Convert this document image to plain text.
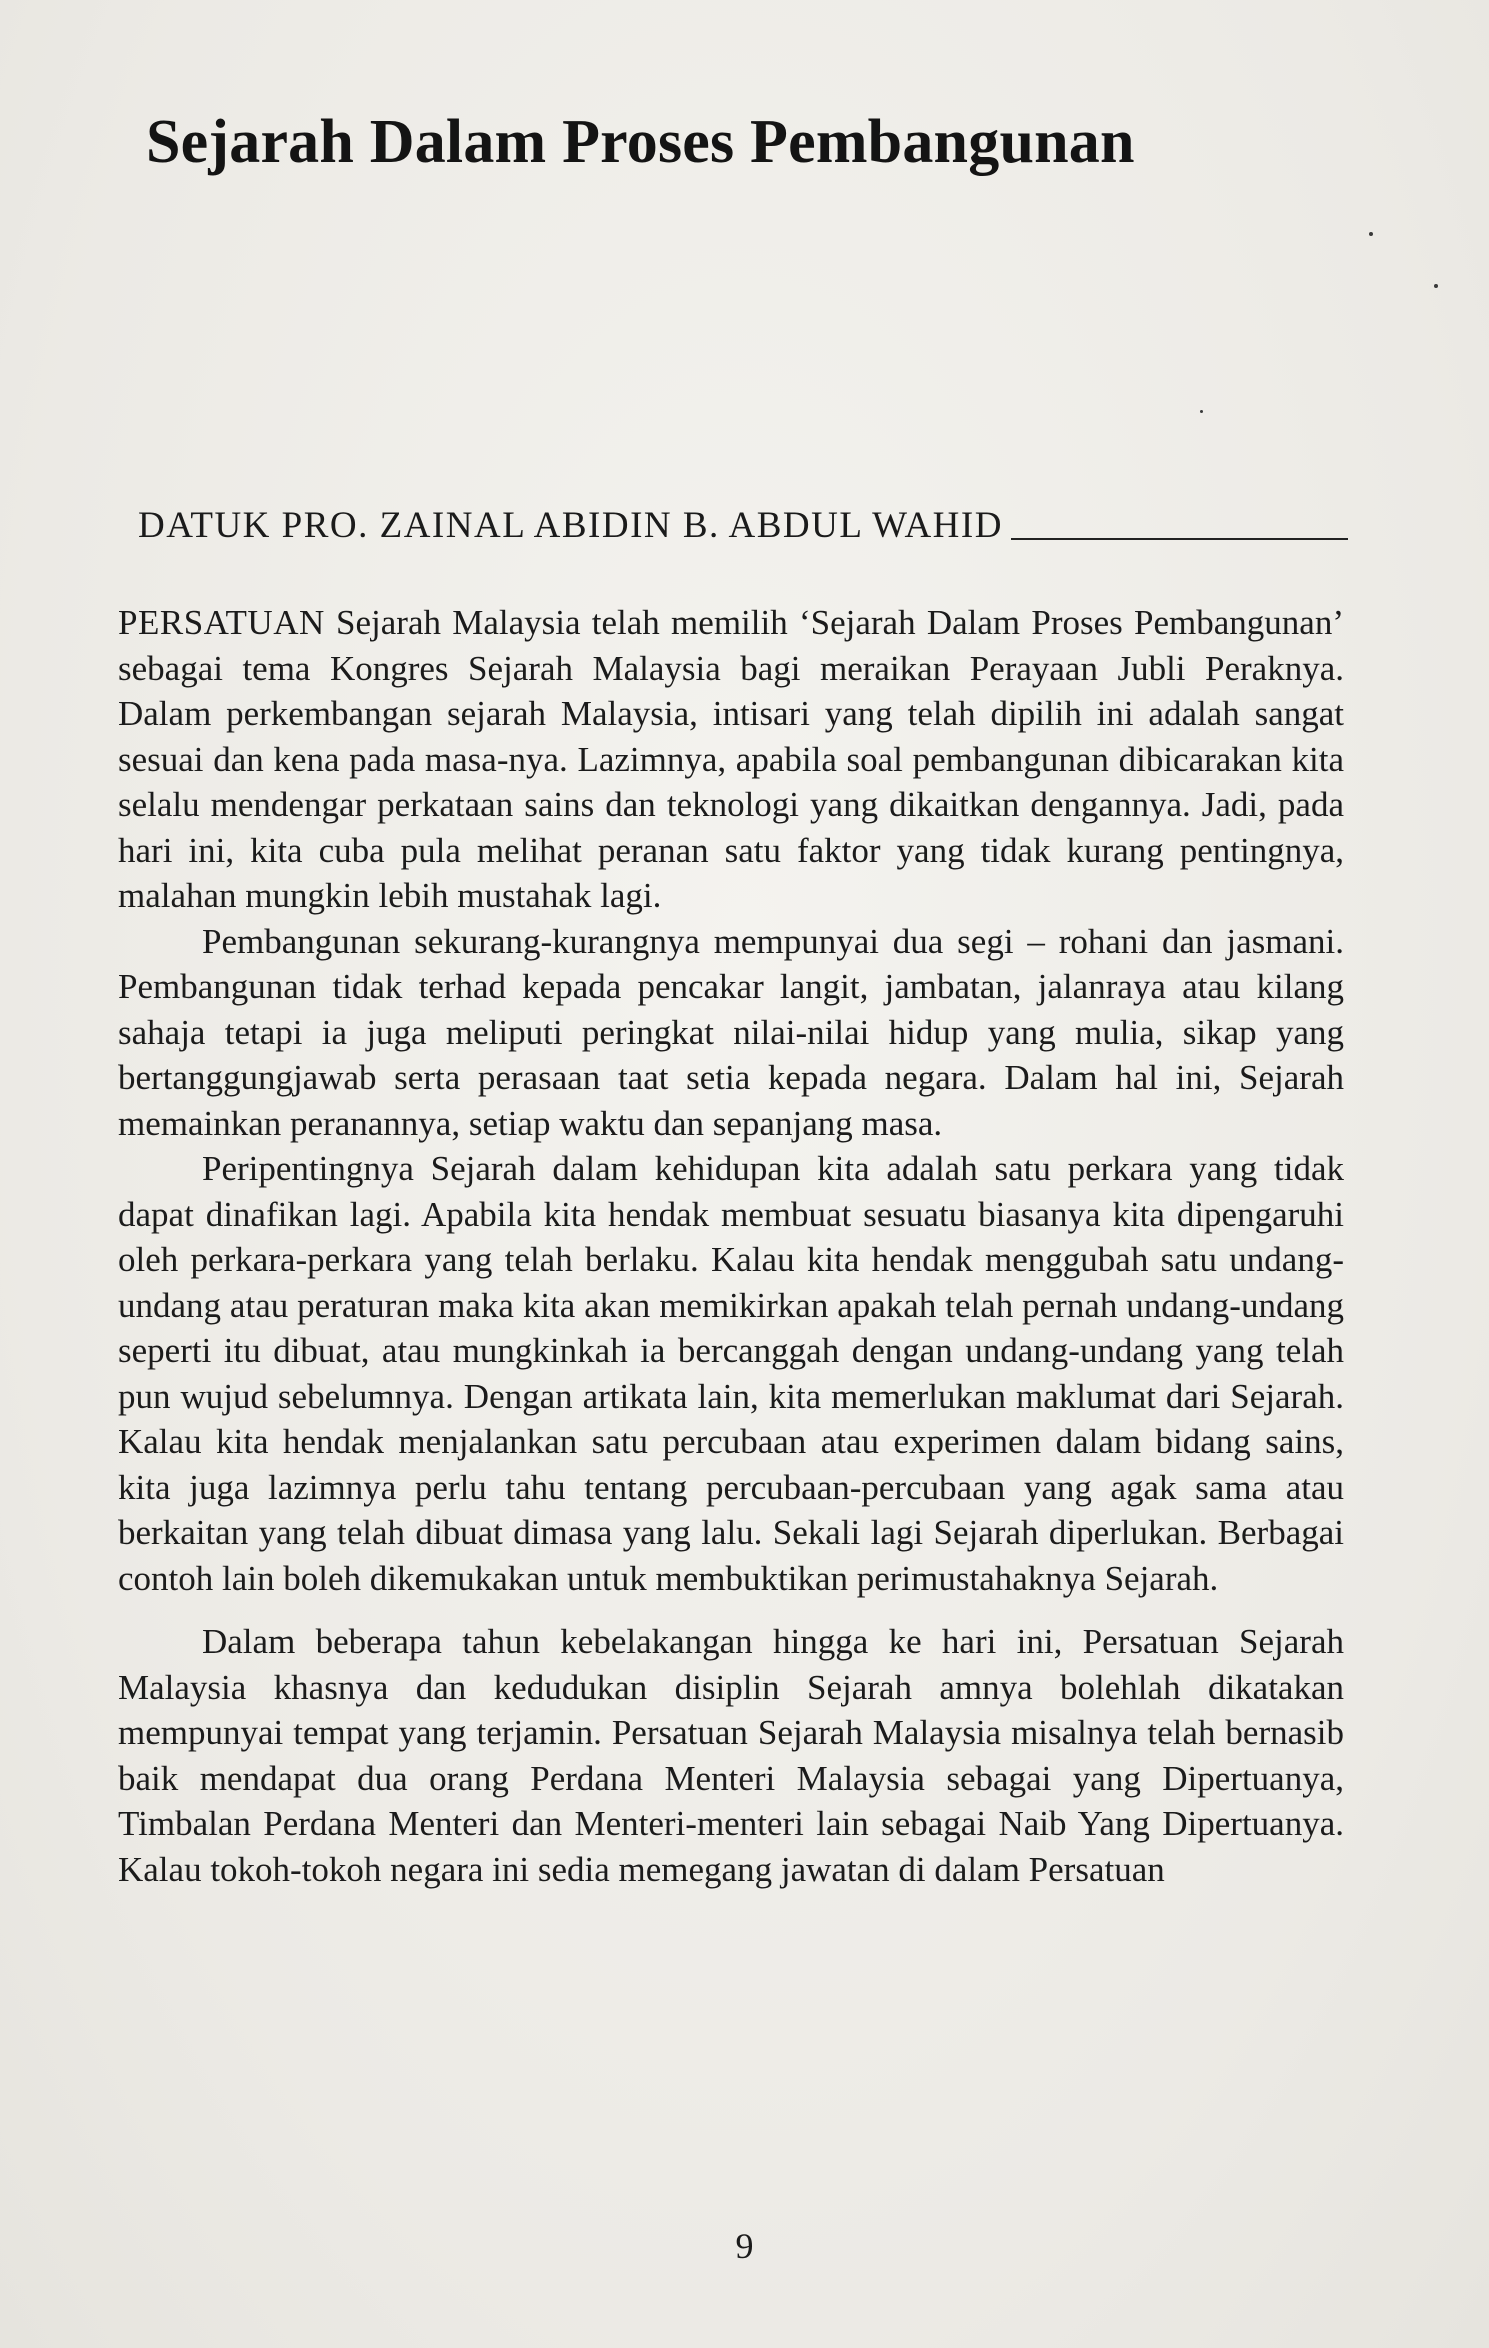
Sejarah Dalam Proses Pembangunan
DATUK PRO. ZAINAL ABIDIN B. ABDUL WAHID

PERSATUAN Sejarah Malaysia telah memilih ‘Sejarah Dalam Proses Pembangunan’ sebagai tema Kongres Sejarah Malaysia bagi meraikan Perayaan Jubli Peraknya. Dalam perkembangan sejarah Malaysia, intisari yang telah dipilih ini adalah sangat sesuai dan kena pada masa-nya. Lazimnya, apabila soal pembangunan dibicarakan kita selalu mendengar perkataan sains dan teknologi yang dikaitkan dengannya. Jadi, pada hari ini, kita cuba pula melihat peranan satu faktor yang tidak kurang pentingnya, malahan mungkin lebih mustahak lagi.

Pembangunan sekurang-kurangnya mempunyai dua segi – rohani dan jasmani. Pembangunan tidak terhad kepada pencakar langit, jambatan, jalanraya atau kilang sahaja tetapi ia juga meliputi peringkat nilai-nilai hidup yang mulia, sikap yang bertanggungjawab serta perasaan taat setia kepada negara. Dalam hal ini, Sejarah memainkan peranannya, setiap waktu dan sepanjang masa.

Peripentingnya Sejarah dalam kehidupan kita adalah satu perkara yang tidak dapat dinafikan lagi. Apabila kita hendak membuat sesuatu biasanya kita dipengaruhi oleh perkara-perkara yang telah berlaku. Kalau kita hendak menggubah satu undang-undang atau peraturan maka kita akan memikirkan apakah telah pernah undang-undang seperti itu dibuat, atau mungkinkah ia bercanggah dengan undang-undang yang telah pun wujud sebelumnya. Dengan artikata lain, kita memerlukan maklumat dari Sejarah. Kalau kita hendak menjalankan satu percubaan atau experimen dalam bidang sains, kita juga lazimnya perlu tahu tentang percubaan-percubaan yang agak sama atau berkaitan yang telah dibuat dimasa yang lalu. Sekali lagi Sejarah diperlukan. Berbagai contoh lain boleh dikemukakan untuk membuktikan perimustahaknya Sejarah.

Dalam beberapa tahun kebelakangan hingga ke hari ini, Persatuan Sejarah Malaysia khasnya dan kedudukan disiplin Sejarah amnya bolehlah dikatakan mempunyai tempat yang terjamin. Persatuan Sejarah Malaysia misalnya telah bernasib baik mendapat dua orang Perdana Menteri Malaysia sebagai yang Dipertuanya, Timbalan Perdana Menteri dan Menteri-menteri lain sebagai Naib Yang Dipertuanya. Kalau tokoh-tokoh negara ini sedia memegang jawatan di dalam Persatuan

9
